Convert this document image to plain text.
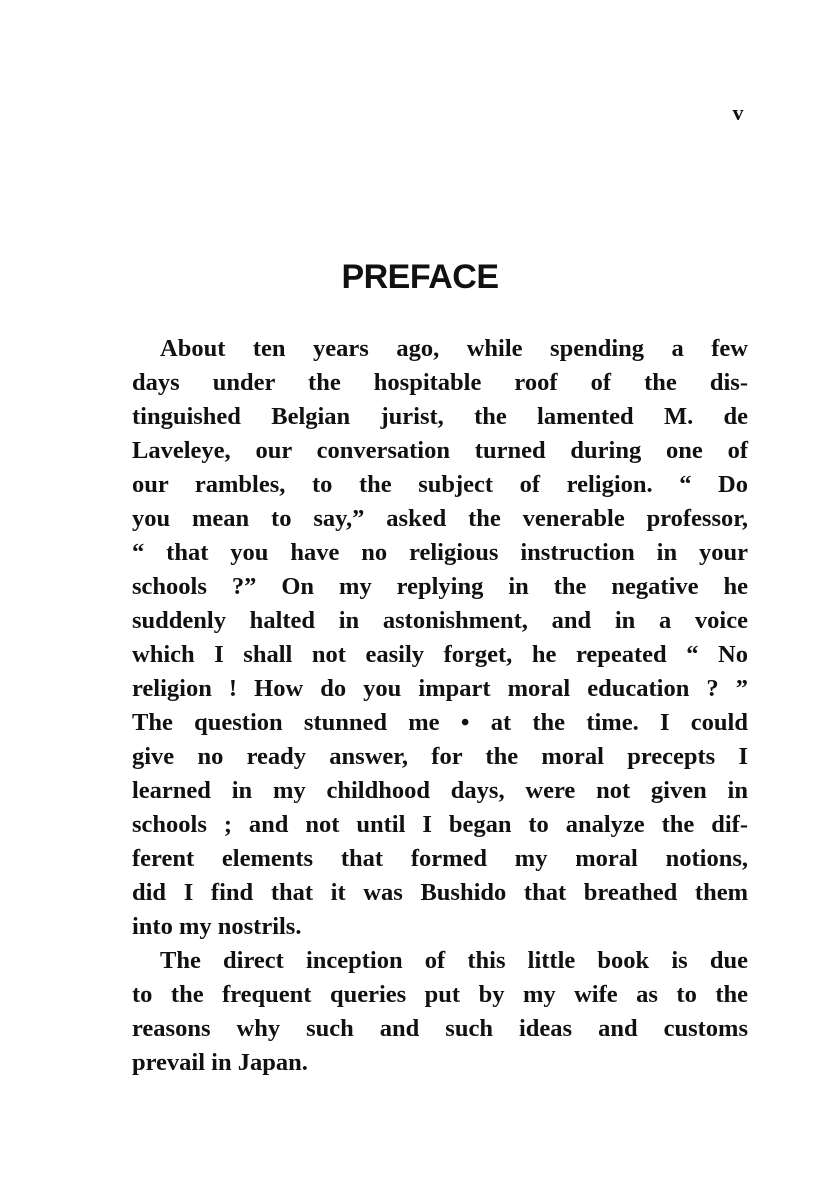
v
PREFACE
About ten years ago, while spending a few
days under the hospitable roof of the dis-
tinguished Belgian jurist, the lamented M. de
Laveleye, our conversation turned during one of
our rambles, to the subject of religion. “ Do
you mean to say,” asked the venerable professor,
“ that you have no religious instruction in your
schools ?” On my replying in the negative he
suddenly halted in astonishment, and in a voice
which I shall not easily forget, he repeated “ No
religion ! How do you impart moral education ? ”
The question stunned me • at the time. I could
give no ready answer, for the moral precepts I
learned in my childhood days, were not given in
schools ; and not until I began to analyze the dif-
ferent elements that formed my moral notions,
did I find that it was Bushido that breathed them
into my nostrils.
The direct inception of this little book is due
to the frequent queries put by my wife as to the
reasons why such and such ideas and customs
prevail in Japan.
